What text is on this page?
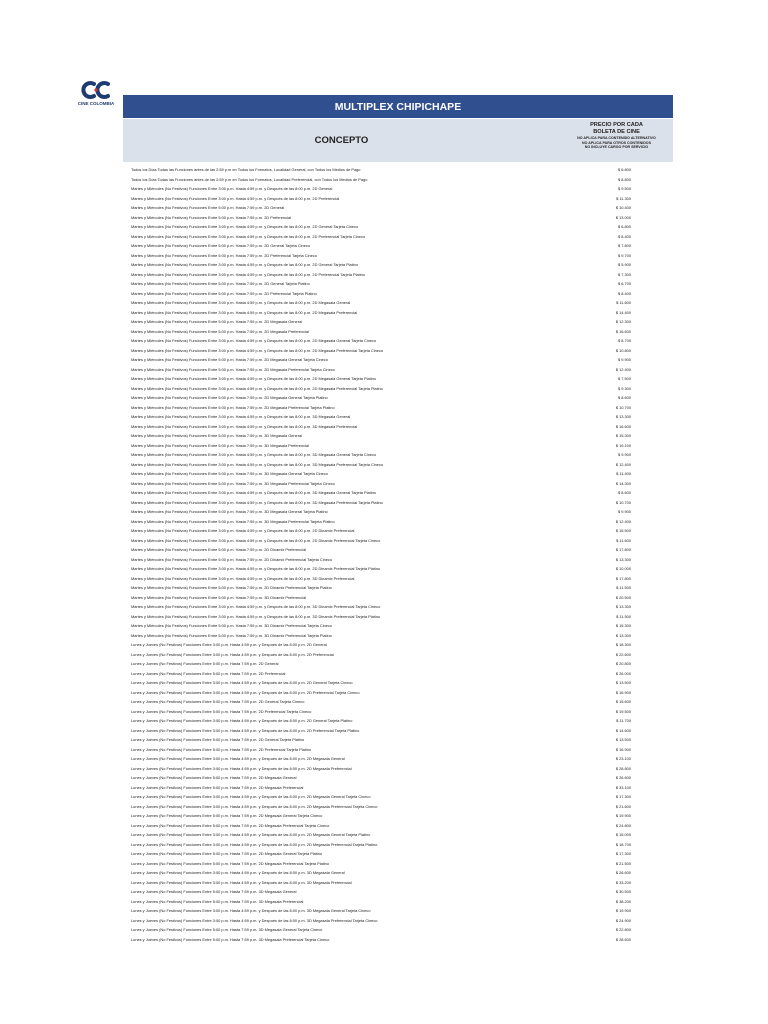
CINE COLOMBIA	MULTIPLEX CHIPICHAPE
CONCEPTO
PRECIO POR CADA
BOLETA DE CINE
NO APLICA PARA CONTENIDO ALTERNATIVO
NO APLICA PARA OTROS CONTENIDOS
NO INCLUYE CARGO POR SERVICIO
Todos los Días Todas las Funciones antes de las 2:59 p.m en Todos los Formatos, Localidad General, con Todos los Medios de Pago	$ 6.800
Todos los Días Todas las Funciones antes de las 2:59 p.m en Todos los Formatos, Localidad Preferencial, con Todos los Medios de Pago	$ 8.800
Martes y Miércoles (No Festivos) Funciones Entre 3:00 p.m. Hasta 4:59 p.m. y Después de las 8:00 p.m. 2D General	$ 9.500
Martes y Miércoles (No Festivos) Funciones Entre 3:00 p.m. Hasta 4:59 p.m. y Después de las 8:00 p.m. 2D Preferencial	$ 11.300
Martes y Miércoles (No Festivos) Funciones Entre 5:00 p.m. Hasta 7:59 p.m. 2D General	$ 10.400
Martes y Miércoles (No Festivos) Funciones Entre 5:00 p.m. Hasta 7:59 p.m. 2D Preferencial	$ 13.000
Martes y Miércoles (No Festivos) Funciones Entre 3:00 p.m. Hasta 4:59 p.m. y Después de las 8:00 p.m. 2D General Tarjeta Cineco	$ 6.800
Martes y Miércoles (No Festivos) Funciones Entre 3:00 p.m. Hasta 4:59 p.m. y Después de las 8:00 p.m. 2D Preferencial Tarjeta Cineco	$ 8.400
Martes y Miércoles (No Festivos) Funciones Entre 5:00 p.m. Hasta 7:59 p.m. 2D General Tarjeta Cineco	$ 7.800
Martes y Miércoles (No Festivos) Funciones Entre 5:00 p.m. Hasta 7:59 p.m. 2D Preferencial Tarjeta Cineco	$ 9.700
Martes y Miércoles (No Festivos) Funciones Entre 3:00 p.m. Hasta 4:59 p.m. y Después de las 8:00 p.m. 2D General Tarjeta Platino	$ 5.900
Martes y Miércoles (No Festivos) Funciones Entre 3:00 p.m. Hasta 4:59 p.m. y Después de las 8:00 p.m. 2D Preferencial Tarjeta Platino	$ 7.300
Martes y Miércoles (No Festivos) Funciones Entre 5:00 p.m. Hasta 7:59 p.m. 2D General Tarjeta Platino	$ 6.700
Martes y Miércoles (No Festivos) Funciones Entre 5:00 p.m. Hasta 7:59 p.m. 2D Preferencial Tarjeta Platino	$ 8.400
Martes y Miércoles (No Festivos) Funciones Entre 3:00 p.m. Hasta 4:59 p.m. y Después de las 8:00 p.m. 2D Megasala General	$ 11.600
Martes y Miércoles (No Festivos) Funciones Entre 3:00 p.m. Hasta 4:59 p.m. y Después de las 8:00 p.m. 2D Megasala Preferencial	$ 14.400
Martes y Miércoles (No Festivos) Funciones Entre 5:00 p.m. Hasta 7:59 p.m. 2D Megasala General	$ 12.300
Martes y Miércoles (No Festivos) Funciones Entre 5:00 p.m. Hasta 7:59 p.m. 2D Megasala Preferencial	$ 16.600
Martes y Miércoles (No Festivos) Funciones Entre 3:00 p.m. Hasta 4:59 p.m. y Después de las 8:00 p.m. 2D Megasala General Tarjeta Cineco	$ 8.700
Martes y Miércoles (No Festivos) Funciones Entre 3:00 p.m. Hasta 4:59 p.m. y Después de las 8:00 p.m. 2D Megasala Preferencial Tarjeta Cineco	$ 10.800
Martes y Miércoles (No Festivos) Funciones Entre 5:00 p.m. Hasta 7:59 p.m. 2D Megasala General Tarjeta Cineco	$ 9.900
Martes y Miércoles (No Festivos) Funciones Entre 5:00 p.m. Hasta 7:59 p.m. 2D Megasala Preferencial Tarjeta Cineco	$ 12.400
Martes y Miércoles (No Festivos) Funciones Entre 3:00 p.m. Hasta 4:59 p.m. y Después de las 8:00 p.m. 2D Megasala General Tarjeta Platino	$ 7.500
Martes y Miércoles (No Festivos) Funciones Entre 3:00 p.m. Hasta 4:59 p.m. y Después de las 8:00 p.m. 2D Megasala Preferencial Tarjeta Platino	$ 9.300
Martes y Miércoles (No Festivos) Funciones Entre 5:00 p.m. Hasta 7:59 p.m. 2D Megasala General Tarjeta Platino	$ 8.600
Martes y Miércoles (No Festivos) Funciones Entre 5:00 p.m. Hasta 7:59 p.m. 2D Megasala Preferencial Tarjeta Platino	$ 10.700
Martes y Miércoles (No Festivos) Funciones Entre 3:00 p.m. Hasta 4:59 p.m. y Después de las 8:00 p.m. 3D Megasala General	$ 13.300
Martes y Miércoles (No Festivos) Funciones Entre 3:00 p.m. Hasta 4:59 p.m. y Después de las 8:00 p.m. 3D Megasala Preferencial	$ 16.600
Martes y Miércoles (No Festivos) Funciones Entre 5:00 p.m. Hasta 7:59 p.m. 3D Megasala General	$ 15.300
Martes y Miércoles (No Festivos) Funciones Entre 5:00 p.m. Hasta 7:59 p.m. 3D Megasala Preferencial	$ 19.100
Martes y Miércoles (No Festivos) Funciones Entre 3:00 p.m. Hasta 4:59 p.m. y Después de las 8:00 p.m. 3D Megasala General Tarjeta Cineco	$ 9.900
Martes y Miércoles (No Festivos) Funciones Entre 3:00 p.m. Hasta 4:59 p.m. y Después de las 8:00 p.m. 3D Megasala Preferencial Tarjeta Cineco	$ 12.400
Martes y Miércoles (No Festivos) Funciones Entre 5:00 p.m. Hasta 7:59 p.m. 3D Megasala General Tarjeta Cineco	$ 11.400
Martes y Miércoles (No Festivos) Funciones Entre 5:00 p.m. Hasta 7:59 p.m. 3D Megasala Preferencial Tarjeta Cineco	$ 14.300
Martes y Miércoles (No Festivos) Funciones Entre 3:00 p.m. Hasta 4:59 p.m. y Después de las 8:00 p.m. 3D Megasala General Tarjeta Platino	$ 8.600
Martes y Miércoles (No Festivos) Funciones Entre 3:00 p.m. Hasta 4:59 p.m. y Después de las 8:00 p.m. 3D Megasala Preferencial Tarjeta Platino	$ 10.700
Martes y Miércoles (No Festivos) Funciones Entre 5:00 p.m. Hasta 7:59 p.m. 3D Megasala General Tarjeta Platino	$ 9.900
Martes y Miércoles (No Festivos) Funciones Entre 5:00 p.m. Hasta 7:59 p.m. 3D Megasala Preferencial Tarjeta Platino	$ 12.400
Martes y Miércoles (No Festivos) Funciones Entre 3:00 p.m. Hasta 4:59 p.m. y Después de las 8:00 p.m. 2D Dinamix Preferencial	$ 15.500
Martes y Miércoles (No Festivos) Funciones Entre 3:00 p.m. Hasta 4:59 p.m. y Después de las 8:00 p.m. 2D Dinamix Preferencial Tarjeta Cineco	$ 11.600
Martes y Miércoles (No Festivos) Funciones Entre 5:00 p.m. Hasta 7:59 p.m. 2D Dinamix Preferencial	$ 17.800
Martes y Miércoles (No Festivos) Funciones Entre 5:00 p.m. Hasta 7:59 p.m. 2D Dinamix Preferencial Tarjeta Cineco	$ 13.300
Martes y Miércoles (No Festivos) Funciones Entre 3:00 p.m. Hasta 4:59 p.m. y Después de las 8:00 p.m. 2D Dinamix Preferencial Tarjeta Platino	$ 10.000
Martes y Miércoles (No Festivos) Funciones Entre 3:00 p.m. Hasta 4:59 p.m. y Después de las 8:00 p.m. 3D Dinamix Preferencial	$ 17.800
Martes y Miércoles (No Festivos) Funciones Entre 5:00 p.m. Hasta 7:59 p.m. 2D Dinamix Preferencial Tarjeta Platino	$ 11.500
Martes y Miércoles (No Festivos) Funciones Entre 5:00 p.m. Hasta 7:59 p.m. 3D Dinamix Preferencial	$ 20.500
Martes y Miércoles (No Festivos) Funciones Entre 3:00 p.m. Hasta 4:59 p.m. y Después de las 8:00 p.m. 3D Dinamix Preferencial Tarjeta Cineco	$ 13.300
Martes y Miércoles (No Festivos) Funciones Entre 3:00 p.m. Hasta 4:59 p.m. y Después de las 8:00 p.m. 3D Dinamix Preferencial Tarjeta Platino	$ 11.500
Martes y Miércoles (No Festivos) Funciones Entre 5:00 p.m. Hasta 7:59 p.m. 3D Dinamix Preferencial Tarjeta Cineco	$ 15.300
Martes y Miércoles (No Festivos) Funciones Entre 5:00 p.m. Hasta 7:59 p.m. 3D Dinamix Preferencial Tarjeta Platino	$ 13.300
Lunes y Jueves (No Festivos) Funciones Entre 3:00 p.m. Hasta 4:59 p.m. y Después de las 8:00 p.m. 2D General	$ 18.300
Lunes y Jueves (No Festivos) Funciones Entre 3:00 p.m. Hasta 4:59 p.m. y Después de las 8:00 p.m. 2D Preferencial	$ 22.600
Lunes y Jueves (No Festivos) Funciones Entre 5:00 p.m. Hasta 7:59 p.m. 2D General	$ 20.800
Lunes y Jueves (No Festivos) Funciones Entre 5:00 p.m. Hasta 7:59 p.m. 2D Preferencial	$ 26.000
Lunes y Jueves (No Festivos) Funciones Entre 3:00 p.m. Hasta 4:59 p.m. y Después de las 8:00 p.m. 2D General Tarjeta Cineco	$ 13.500
Lunes y Jueves (No Festivos) Funciones Entre 3:00 p.m. Hasta 4:59 p.m. y Después de las 8:00 p.m. 2D Preferencial Tarjeta Cineco	$ 16.900
Lunes y Jueves (No Festivos) Funciones Entre 5:00 p.m. Hasta 7:59 p.m. 2D General Tarjeta Cineco	$ 15.600
Lunes y Jueves (No Festivos) Funciones Entre 5:00 p.m. Hasta 7:59 p.m. 2D Preferencial Tarjeta Cineco	$ 19.500
Lunes y Jueves (No Festivos) Funciones Entre 3:00 p.m. Hasta 4:59 p.m. y Después de las 8:00 p.m. 2D General Tarjeta Platino	$ 11.700
Lunes y Jueves (No Festivos) Funciones Entre 3:00 p.m. Hasta 4:59 p.m. y Después de las 8:00 p.m. 2D Preferencial Tarjeta Platino	$ 14.600
Lunes y Jueves (No Festivos) Funciones Entre 5:00 p.m. Hasta 7:59 p.m. 2D General Tarjeta Platino	$ 13.500
Lunes y Jueves (No Festivos) Funciones Entre 5:00 p.m. Hasta 7:59 p.m. 2D Preferencial Tarjeta Platino	$ 16.900
Lunes y Jueves (No Festivos) Funciones Entre 3:00 p.m. Hasta 4:59 p.m. y Después de las 8:00 p.m. 2D Megasala General	$ 23.100
Lunes y Jueves (No Festivos) Funciones Entre 3:00 p.m. Hasta 4:59 p.m. y Después de las 8:00 p.m. 2D Megasala Preferencial	$ 28.800
Lunes y Jueves (No Festivos) Funciones Entre 5:00 p.m. Hasta 7:59 p.m. 2D Megasala General	$ 26.600
Lunes y Jueves (No Festivos) Funciones Entre 5:00 p.m. Hasta 7:59 p.m. 2D Megasala Preferencial	$ 33.100
Lunes y Jueves (No Festivos) Funciones Entre 3:00 p.m. Hasta 4:59 p.m. y Después de las 8:00 p.m. 2D Megasala General Tarjeta Cineco	$ 17.300
Lunes y Jueves (No Festivos) Funciones Entre 3:00 p.m. Hasta 4:59 p.m. y Después de las 8:00 p.m. 2D Megasala Preferencial Tarjeta Cineco	$ 21.600
Lunes y Jueves (No Festivos) Funciones Entre 5:00 p.m. Hasta 7:59 p.m. 2D Megasala General Tarjeta Cineco	$ 19.900
Lunes y Jueves (No Festivos) Funciones Entre 5:00 p.m. Hasta 7:59 p.m. 2D Megasala Preferencial Tarjeta Cineco	$ 24.800
Lunes y Jueves (No Festivos) Funciones Entre 3:00 p.m. Hasta 4:59 p.m. y Después de las 8:00 p.m. 2D Megasala General Tarjeta Platino	$ 15.000
Lunes y Jueves (No Festivos) Funciones Entre 3:00 p.m. Hasta 4:59 p.m. y Después de las 8:00 p.m. 2D Megasala Preferencial Tarjeta Platino	$ 18.700
Lunes y Jueves (No Festivos) Funciones Entre 5:00 p.m. Hasta 7:59 p.m. 2D Megasala General Tarjeta Platino	$ 17.300
Lunes y Jueves (No Festivos) Funciones Entre 5:00 p.m. Hasta 7:59 p.m. 2D Megasala Preferencial Tarjeta Platino	$ 21.500
Lunes y Jueves (No Festivos) Funciones Entre 3:00 p.m. Hasta 4:59 p.m. y Después de las 8:00 p.m. 3D Megasala General	$ 26.600
Lunes y Jueves (No Festivos) Funciones Entre 3:00 p.m. Hasta 4:59 p.m. y Después de las 8:00 p.m. 3D Megasala Preferencial	$ 33.200
Lunes y Jueves (No Festivos) Funciones Entre 5:00 p.m. Hasta 7:59 p.m. 3D Megasala General	$ 30.500
Lunes y Jueves (No Festivos) Funciones Entre 5:00 p.m. Hasta 7:59 p.m. 3D Megasala Preferencial	$ 38.200
Lunes y Jueves (No Festivos) Funciones Entre 3:00 p.m. Hasta 4:59 p.m. y Después de las 8:00 p.m. 3D Megasala General Tarjeta Cineco	$ 19.900
Lunes y Jueves (No Festivos) Funciones Entre 3:00 p.m. Hasta 4:59 p.m. y Después de las 8:00 p.m. 3D Megasala Preferencial Tarjeta Cineco	$ 24.900
Lunes y Jueves (No Festivos) Funciones Entre 5:00 p.m. Hasta 7:59 p.m. 3D Megasala General Tarjeta Cineco	$ 22.800
Lunes y Jueves (No Festivos) Funciones Entre 5:00 p.m. Hasta 7:59 p.m. 3D Megasala Preferencial Tarjeta Cineco	$ 28.600
